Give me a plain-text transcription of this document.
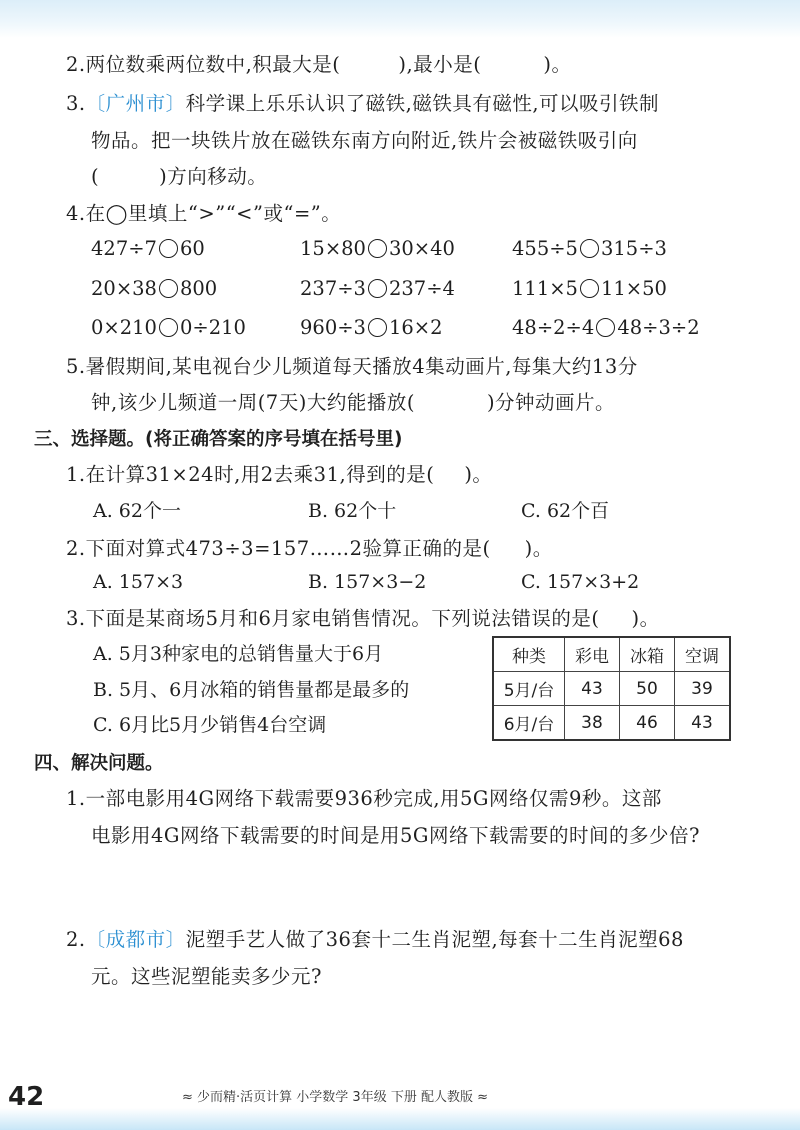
2.两位数乘两位数中,积最大是(	),最小是(	)。
3.〔广州市〕科学课上乐乐认识了磁铁,磁铁具有磁性,可以吸引铁制
物品。把一块铁片放在磁铁东南方向附近,铁片会被磁铁吸引向
(	)方向移动。
4.在◯里填上“>”“<”或“=”。
427÷7 60	15×80 30×40	455÷5 315÷3
20×38 800	237÷3 237÷4	111×5 11×50
0×210 0÷210	960÷3 16×2	48÷2÷4 48÷3÷2
5.暑假期间,某电视台少儿频道每天播放4集动画片,每集大约13分
钟,该少儿频道一周(7天)大约能播放(	)分钟动画片。
三、选择题。(将正确答案的序号填在括号里)
1.在计算31×24时,用2去乘31,得到的是( )。
A. 62个一	B. 62个十	C. 62个百
2.下面对算式473÷3=157……2验算正确的是( )。
A. 157×3	B. 157×3−2	C. 157×3+2
3.下面是某商场5月和6月家电销售情况。下列说法错误的是( )。
A. 5月3种家电的总销售量大于6月
B. 5月、6月冰箱的销售量都是最多的
C. 6月比5月少销售4台空调
种类	彩电	冰箱	空调
5月/台	43	50	39
6月/台	38	46	43
四、解决问题。
1.一部电影用4G网络下载需要936秒完成,用5G网络仅需9秒。这部
电影用4G网络下载需要的时间是用5G网络下载需要的时间的多少倍?
2.〔成都市〕泥塑手艺人做了36套十二生肖泥塑,每套十二生肖泥塑68
元。这些泥塑能卖多少元?
42	≈ 少而精·活页计算 小学数学 3年级 下册 配人教版 ≈
